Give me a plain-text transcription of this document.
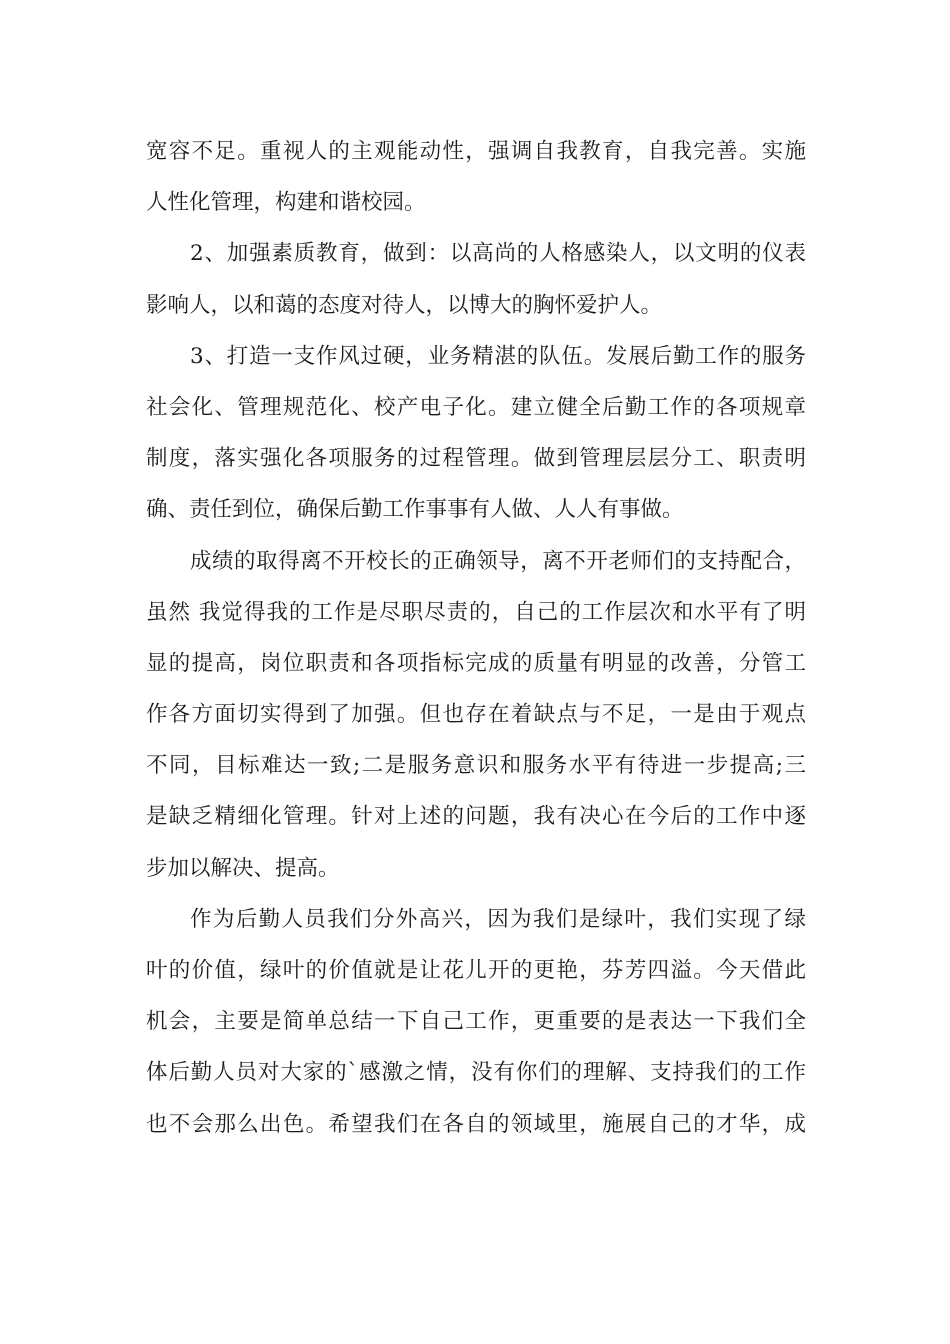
宽容不足。重视人的主观能动性，强调自我教育，自我完善。实施
人性化管理，构建和谐校园。
2、加强素质教育，做到：以高尚的人格感染人，以文明的仪表
影响人，以和蔼的态度对待人，以博大的胸怀爱护人。
3、打造一支作风过硬，业务精湛的队伍。发展后勤工作的服务
社会化、管理规范化、校产电子化。建立健全后勤工作的各项规章
制度，落实强化各项服务的过程管理。做到管理层层分工、职责明
确、责任到位，确保后勤工作事事有人做、人人有事做。
成绩的取得离不开校长的正确领导，离不开老师们的支持配合，
虽然 我觉得我的工作是尽职尽责的，自己的工作层次和水平有了明
显的提高，岗位职责和各项指标完成的质量有明显的改善，分管工
作各方面切实得到了加强。但也存在着缺点与不足，一是由于观点
不同，目标难达一致;二是服务意识和服务水平有待进一步提高;三
是缺乏精细化管理。针对上述的问题，我有决心在今后的工作中逐
步加以解决、提高。
作为后勤人员我们分外高兴，因为我们是绿叶，我们实现了绿
叶的价值，绿叶的价值就是让花儿开的更艳，芬芳四溢。今天借此
机会，主要是简单总结一下自己工作，更重要的是表达一下我们全
体后勤人员对大家的`感激之情，没有你们的理解、支持我们的工作
也不会那么出色。希望我们在各自的领域里，施展自己的才华，成
